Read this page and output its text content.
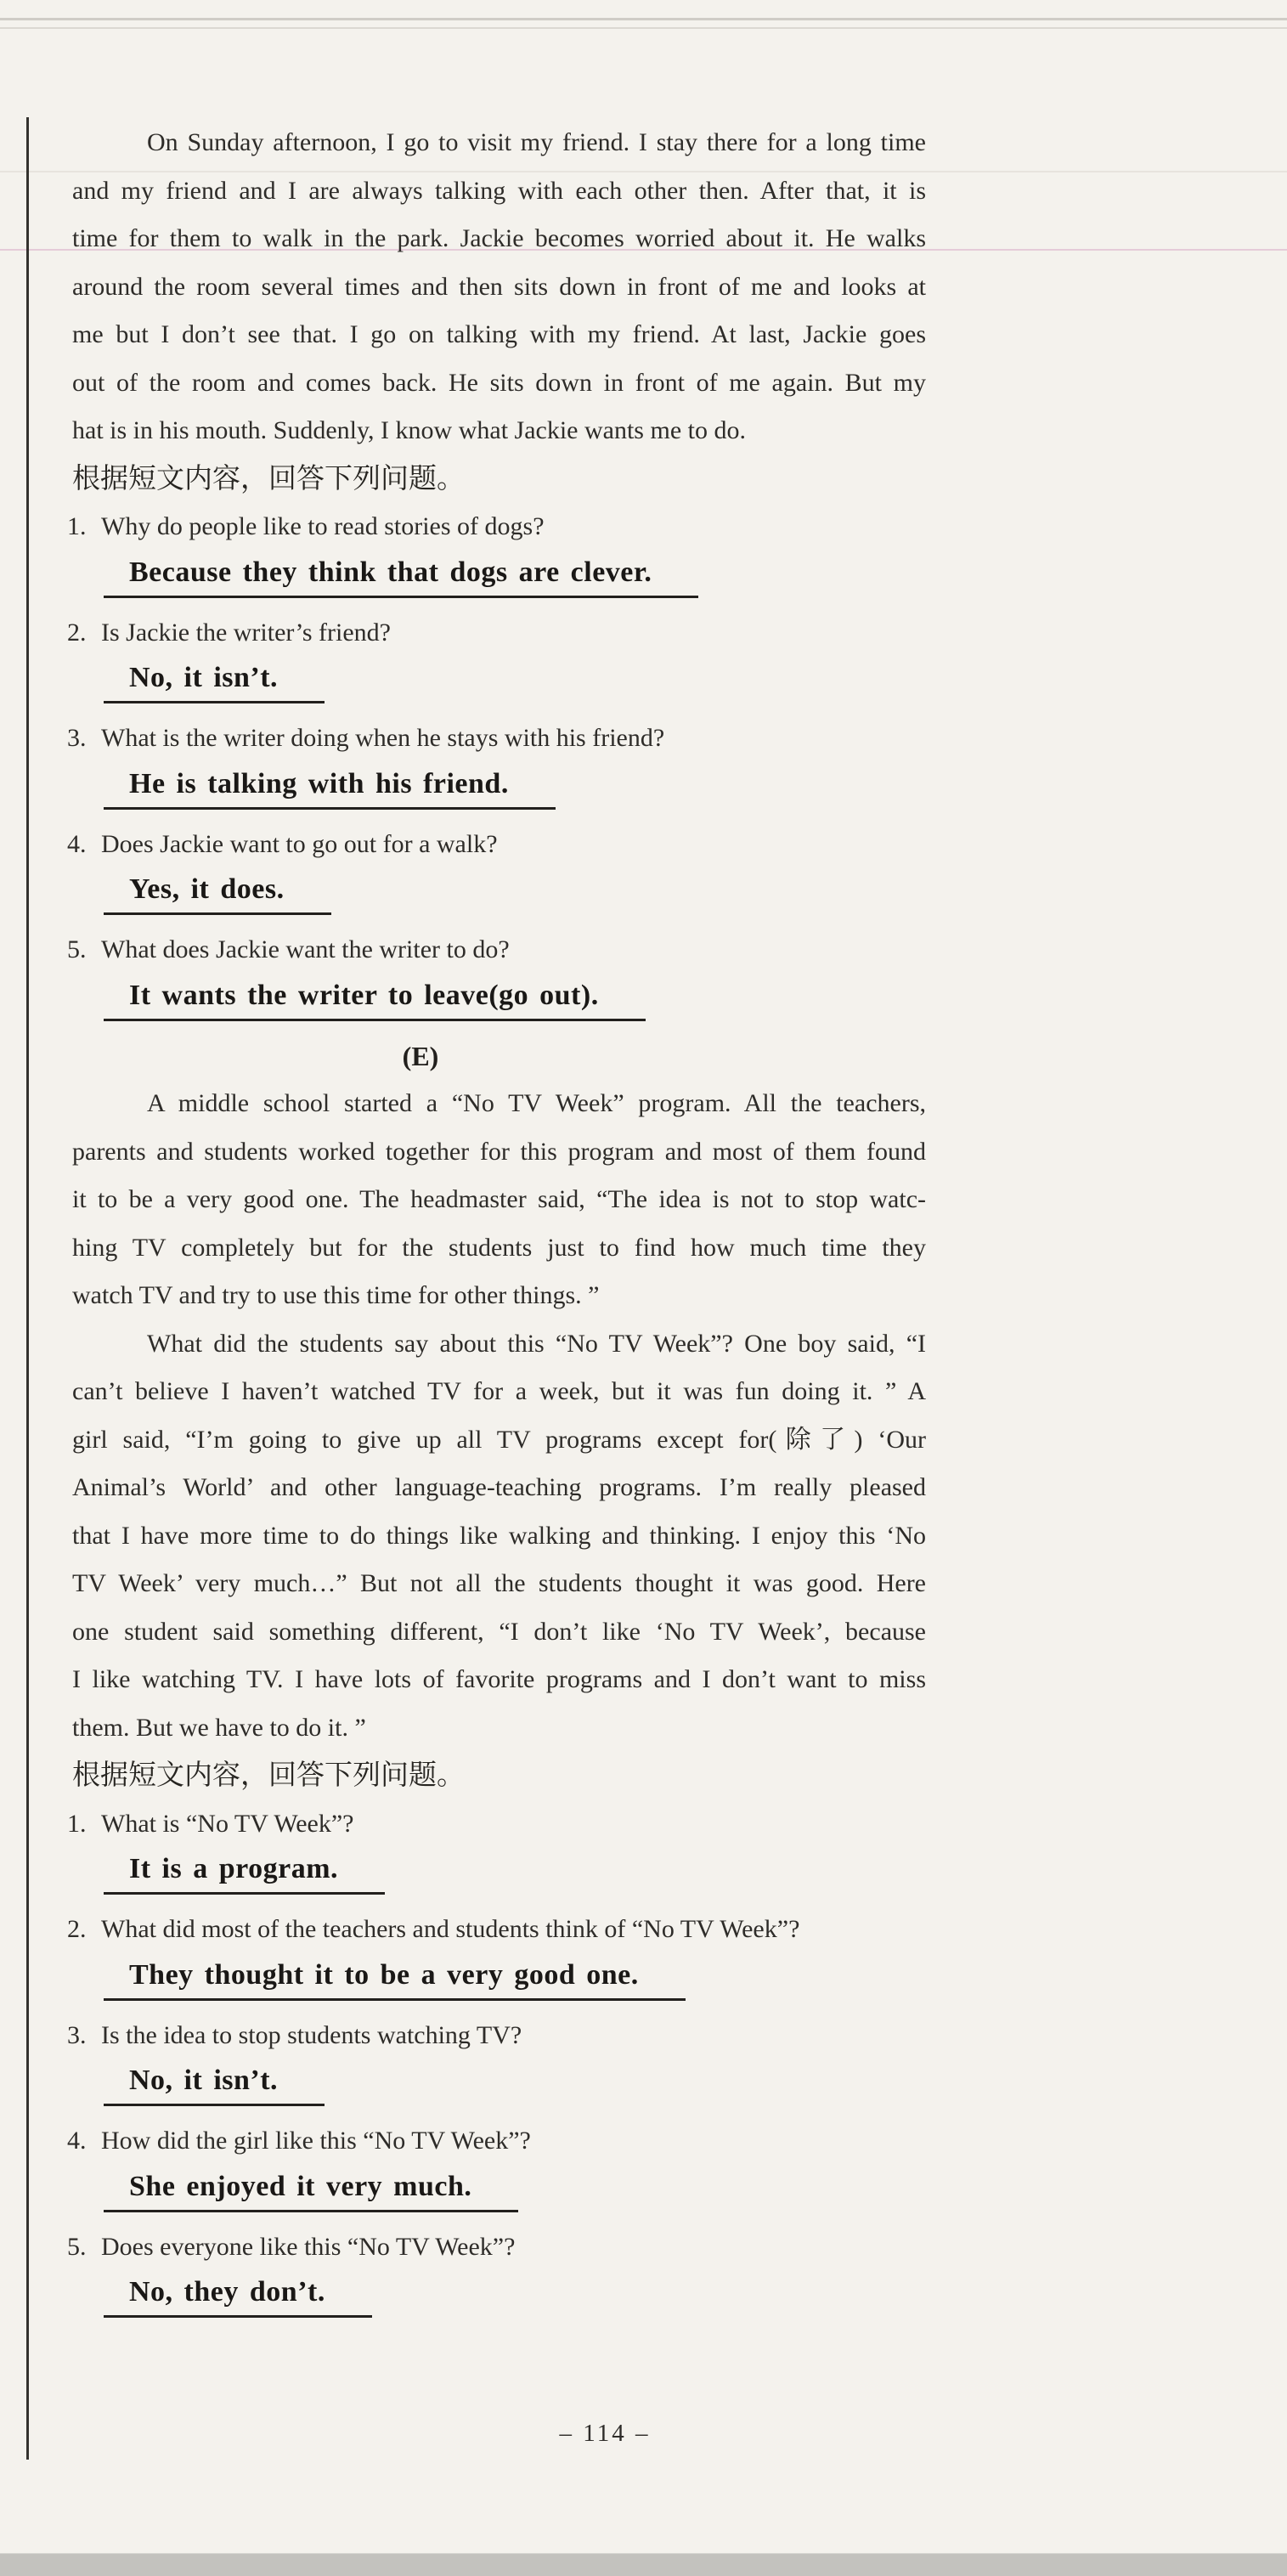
On Sunday afternoon, I go to visit my friend. I stay there for a long time
and my friend and I are always talking with each other then. After that, it is
time for them to walk in the park. Jackie becomes worried about it. He walks
around the room several times and then sits down in front of me and looks at
me but I don’t see that. I go on talking with my friend. At last, Jackie goes
out of the room and comes back. He sits down in front of me again. But my
hat is in his mouth. Suddenly, I know what Jackie wants me to do.
根据短文内容，回答下列问题。
1. Why do people like to read stories of dogs?
Because they think that dogs are clever.
2. Is Jackie the writer’s friend?
No, it isn’t.
3. What is the writer doing when he stays with his friend?
He is talking with his friend.
4. Does Jackie want to go out for a walk?
Yes, it does.
5. What does Jackie want the writer to do?
It wants the writer to leave(go out).
(E)
A middle school started a “No TV Week” program. All the teachers,
parents and students worked together for this program and most of them found
it to be a very good one. The headmaster said, “The idea is not to stop watc-
hing TV completely but for the students just to find how much time they
watch TV and try to use this time for other things. ”
What did the students say about this “No TV Week”? One boy said, “I
can’t believe I haven’t watched TV for a week, but it was fun doing it. ” A
girl said, “I’m going to give up all TV programs except for(除了) ‘Our
Animal’s World’ and other language-teaching programs. I’m really pleased
that I have more time to do things like walking and thinking. I enjoy this ‘No
TV Week’ very much…” But not all the students thought it was good. Here
one student said something different, “I don’t like ‘No TV Week’, because
I like watching TV. I have lots of favorite programs and I don’t want to miss
them. But we have to do it. ”
根据短文内容，回答下列问题。
1. What is “No TV Week”?
It is a program.
2. What did most of the teachers and students think of “No TV Week”?
They thought it to be a very good one.
3. Is the idea to stop students watching TV?
No, it isn’t.
4. How did the girl like this “No TV Week”?
She enjoyed it very much.
5. Does everyone like this “No TV Week”?
No, they don’t.
– 114 –
